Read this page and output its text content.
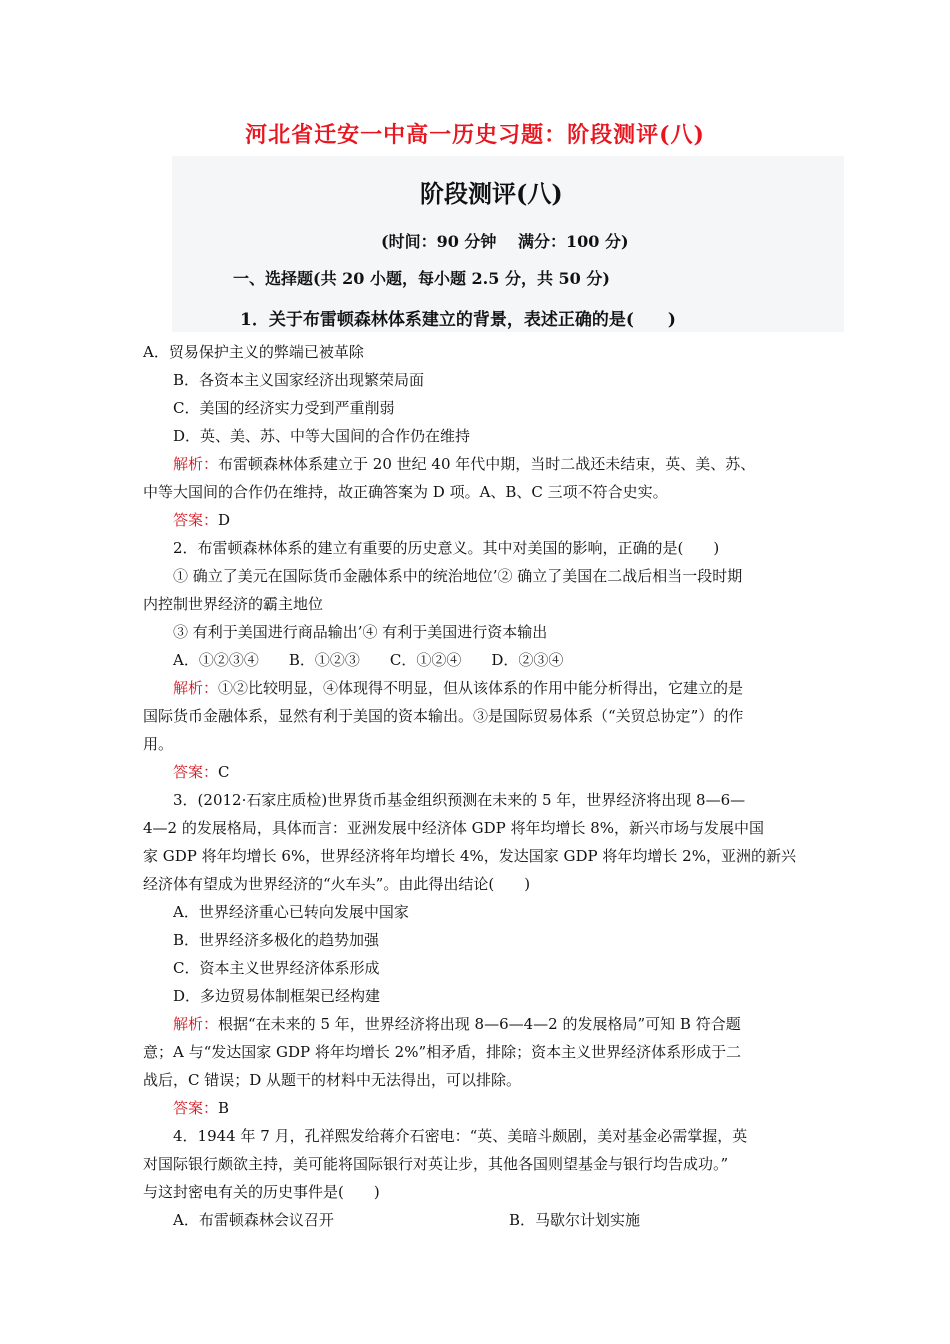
河北省迁安一中高一历史习题：阶段测评(八)
阶段测评(八)
(时间：90 分钟　 满分：100 分)
一、选择题(共 20 小题，每小题 2.5 分，共 50 分)
1．关于布雷顿森林体系建立的背景，表述正确的是(　　)
A．贸易保护主义的弊端已被革除
B．各资本主义国家经济出现繁荣局面
C．美国的经济实力受到严重削弱
D．英、美、苏、中等大国间的合作仍在维持
解析：布雷顿森林体系建立于 20 世纪 40 年代中期，当时二战还未结束，英、美、苏、
中等大国间的合作仍在维持，故正确答案为 D 项。A、B、C 三项不符合史实。
答案：D
2．布雷顿森林体系的建立有重要的历史意义。其中对美国的影响，正确的是(　　)
① 确立了美元在国际货币金融体系中的统治地位’② 确立了美国在二战后相当一段时期
内控制世界经济的霸主地位
③ 有利于美国进行商品输出’④ 有利于美国进行资本输出
A．①②③④　　B．①②③　　C．①②④　　D．②③④
解析：①②比较明显，④体现得不明显，但从该体系的作用中能分析得出，它建立的是
国际货币金融体系，显然有利于美国的资本输出。③是国际贸易体系（“关贸总协定”）的作
用。
答案：C
3．(2012·石家庄质检)世界货币基金组织预测在未来的 5 年，世界经济将出现 8—6—
4—2 的发展格局，具体而言：亚洲发展中经济体 GDP 将年均增长 8%，新兴市场与发展中国
家 GDP 将年均增长 6%，世界经济将年均增长 4%，发达国家 GDP 将年均增长 2%，亚洲的新兴
经济体有望成为世界经济的“火车头”。由此得出结论(　　)
A．世界经济重心已转向发展中国家
B．世界经济多极化的趋势加强
C．资本主义世界经济体系形成
D．多边贸易体制框架已经构建
解析：根据“在未来的 5 年，世界经济将出现 8—6—4—2 的发展格局”可知 B 符合题
意；A 与“发达国家 GDP 将年均增长 2%”相矛盾，排除；资本主义世界经济体系形成于二
战后，C 错误；D 从题干的材料中无法得出，可以排除。
答案：B
4．1944 年 7 月，孔祥熙发给蒋介石密电：“英、美暗斗颇剧，美对基金必需掌握，英
对国际银行颇欲主持，美可能将国际银行对英让步，其他各国则望基金与银行均告成功。”
与这封密电有关的历史事件是(　　)
A．布雷顿森林会议召开	B．马歇尔计划实施
